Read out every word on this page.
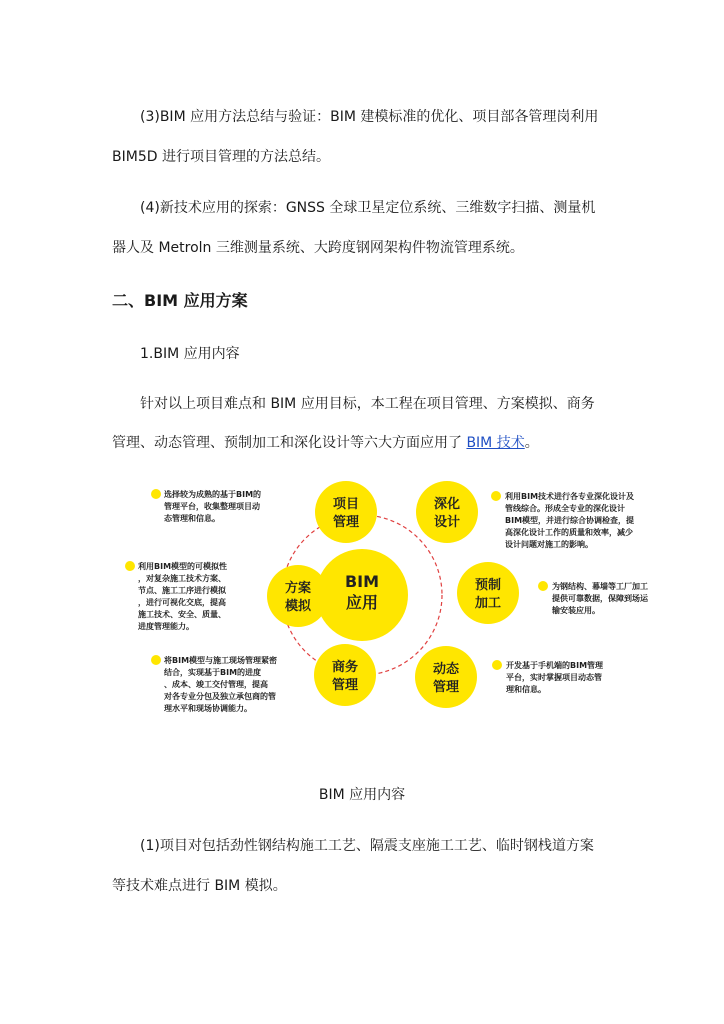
(3)BIM 应用方法总结与验证：BIM 建模标准的优化、项目部各管理岗利用
BIM5D 进行项目管理的方法总结。
(4)新技术应用的探索：GNSS 全球卫星定位系统、三维数字扫描、测量机
器人及 Metroln 三维测量系统、大跨度钢网架构件物流管理系统。
二、BIM 应用方案
1.BIM 应用内容
针对以上项目难点和 BIM 应用目标，本工程在项目管理、方案模拟、商务
管理、动态管理、预制加工和深化设计等六大方面应用了 BIM 技术。
BIM
应用
项目
管理
深化
设计
方案
模拟
预制
加工
商务
管理
动态
管理
选择较为成熟的基于BIM的
管理平台，收集整理项目动
态管理和信息。
利用BIM技术进行各专业深化设计及
管线综合。形成全专业的深化设计
BIM模型，并进行综合协调检查，提
高深化设计工作的质量和效率，减少
设计问题对施工的影响。
利用BIM模型的可模拟性
，对复杂施工技术方案、
节点、施工工序进行模拟
，进行可视化交底，提高
施工技术、安全、质量、
进度管理能力。
为钢结构、幕墙等工厂加工
提供可靠数据，保障到场运
输安装应用。
将BIM模型与施工现场管理紧密
结合，实现基于BIM的进度
、成本、竣工交付管理，提高
对各专业分包及独立承包商的管
理水平和现场协调能力。
开发基于手机端的BIM管理
平台，实时掌握项目动态管
理和信息。
BIM 应用内容
(1)项目对包括劲性钢结构施工工艺、隔震支座施工工艺、临时钢栈道方案
等技术难点进行 BIM 模拟。
